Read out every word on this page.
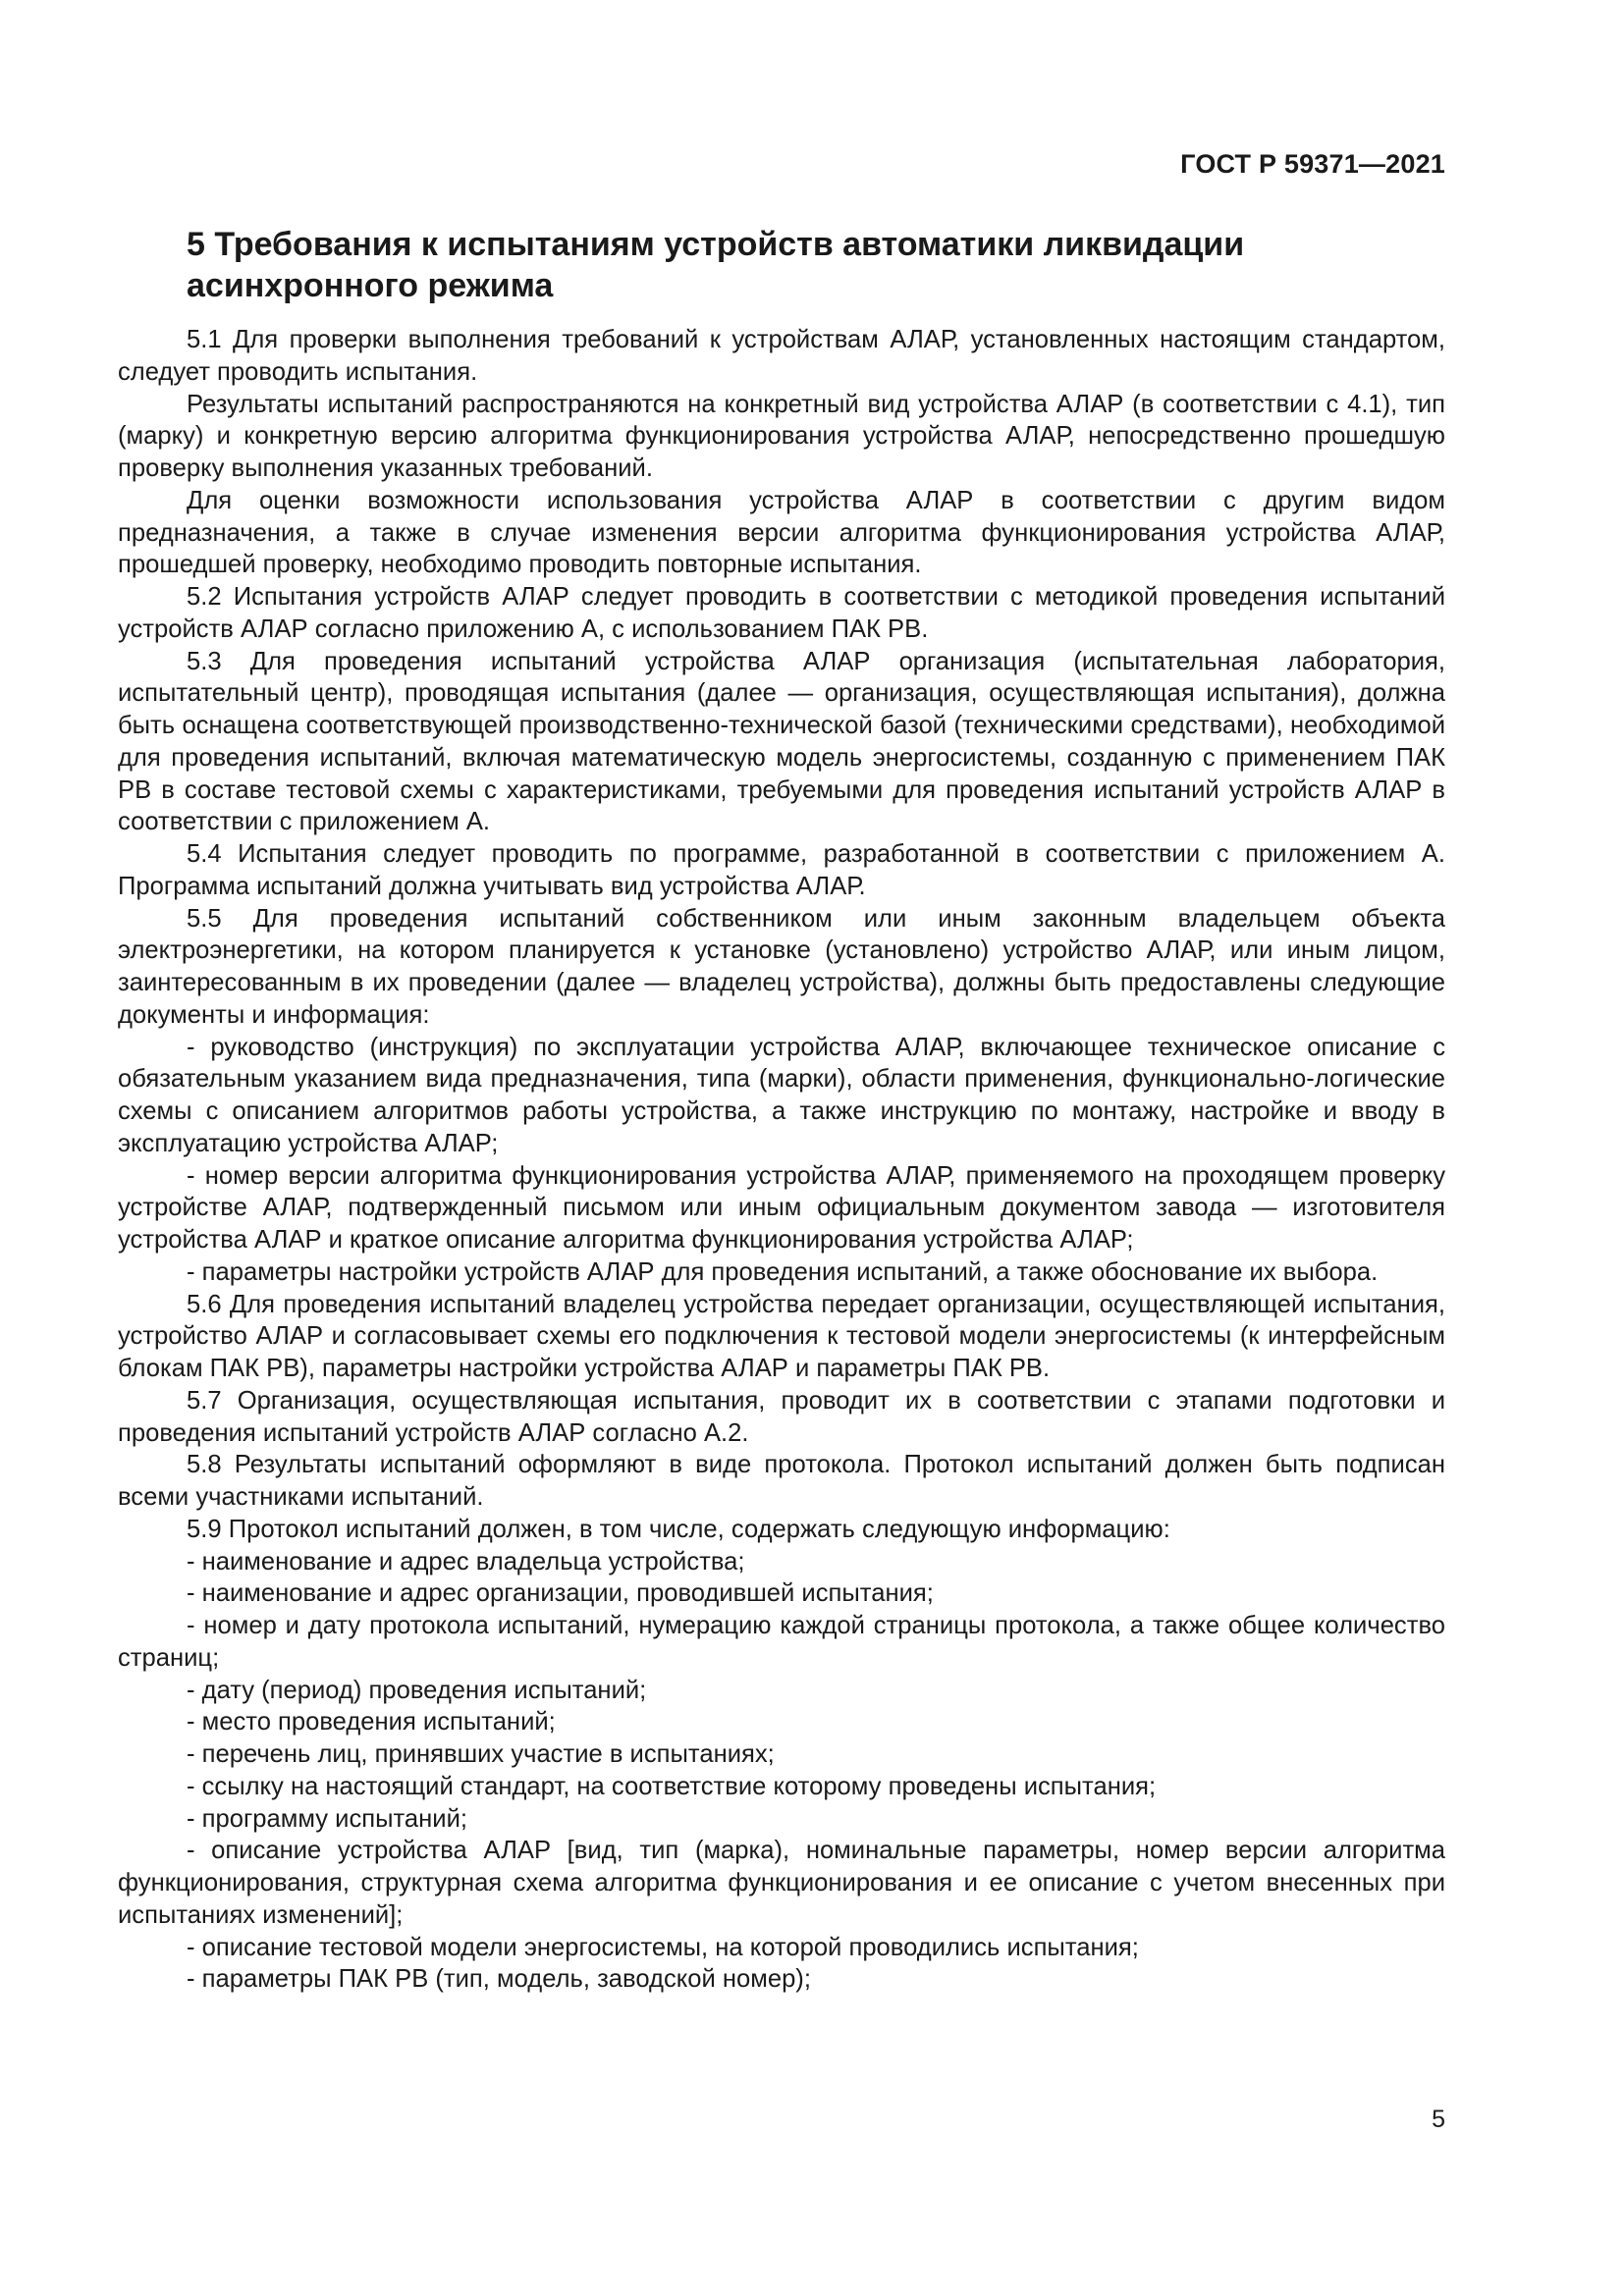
ГОСТ Р 59371—2021
5 Требования к испытаниям устройств автоматики ликвидации асинхронного режима

5.1 Для проверки выполнения требований к устройствам АЛАР, установленных настоящим стандартом, следует проводить испытания.

Результаты испытаний распространяются на конкретный вид устройства АЛАР (в соответствии с 4.1), тип (марку) и конкретную версию алгоритма функционирования устройства АЛАР, непосредственно прошедшую проверку выполнения указанных требований.

Для оценки возможности использования устройства АЛАР в соответствии с другим видом предназначения, а также в случае изменения версии алгоритма функционирования устройства АЛАР, прошедшей проверку, необходимо проводить повторные испытания.

5.2 Испытания устройств АЛАР следует проводить в соответствии с методикой проведения испытаний устройств АЛАР согласно приложению А, с использованием ПАК РВ.

5.3 Для проведения испытаний устройства АЛАР организация (испытательная лаборатория, испытательный центр), проводящая испытания (далее — организация, осуществляющая испытания), должна быть оснащена соответствующей производственно-технической базой (техническими средствами), необходимой для проведения испытаний, включая математическую модель энергосистемы, созданную с применением ПАК РВ в составе тестовой схемы с характеристиками, требуемыми для проведения испытаний устройств АЛАР в соответствии с приложением А.

5.4 Испытания следует проводить по программе, разработанной в соответствии с приложением А. Программа испытаний должна учитывать вид устройства АЛАР.

5.5 Для проведения испытаний собственником или иным законным владельцем объекта электроэнергетики, на котором планируется к установке (установлено) устройство АЛАР, или иным лицом, заинтересованным в их проведении (далее — владелец устройства), должны быть предоставлены следующие документы и информация:

- руководство (инструкция) по эксплуатации устройства АЛАР, включающее техническое описание с обязательным указанием вида предназначения, типа (марки), области применения, функционально-логические схемы с описанием алгоритмов работы устройства, а также инструкцию по монтажу, настройке и вводу в эксплуатацию устройства АЛАР;

- номер версии алгоритма функционирования устройства АЛАР, применяемого на проходящем проверку устройстве АЛАР, подтвержденный письмом или иным официальным документом завода — изготовителя устройства АЛАР и краткое описание алгоритма функционирования устройства АЛАР;

- параметры настройки устройств АЛАР для проведения испытаний, а также обоснование их выбора.

5.6 Для проведения испытаний владелец устройства передает организации, осуществляющей испытания, устройство АЛАР и согласовывает схемы его подключения к тестовой модели энергосистемы (к интерфейсным блокам ПАК РВ), параметры настройки устройства АЛАР и параметры ПАК РВ.

5.7 Организация, осуществляющая испытания, проводит их в соответствии с этапами подготовки и проведения испытаний устройств АЛАР согласно А.2.

5.8 Результаты испытаний оформляют в виде протокола. Протокол испытаний должен быть подписан всеми участниками испытаний.

5.9 Протокол испытаний должен, в том числе, содержать следующую информацию:

- наименование и адрес владельца устройства;

- наименование и адрес организации, проводившей испытания;

- номер и дату протокола испытаний, нумерацию каждой страницы протокола, а также общее количество страниц;

- дату (период) проведения испытаний;

- место проведения испытаний;

- перечень лиц, принявших участие в испытаниях;

- ссылку на настоящий стандарт, на соответствие которому проведены испытания;

- программу испытаний;

- описание устройства АЛАР [вид, тип (марка), номинальные параметры, номер версии алгоритма функционирования, структурная схема алгоритма функционирования и ее описание с учетом внесенных при испытаниях изменений];

- описание тестовой модели энергосистемы, на которой проводились испытания;

- параметры ПАК РВ (тип, модель, заводской номер);

5
